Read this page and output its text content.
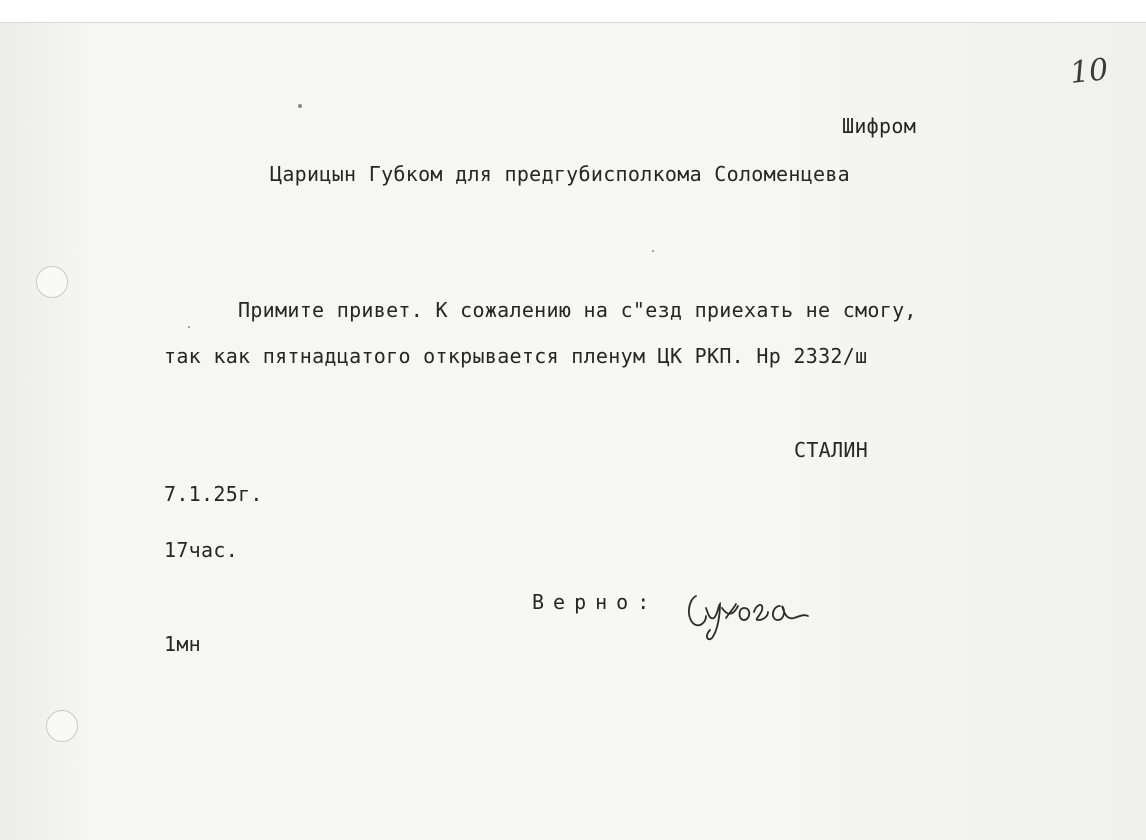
10
Шифром
Царицын Губком для предгубисполкома Соломенцева
Примите привет. К сожалению на с"езд приехать не смогу,
так как пятнадцатого открывается пленум ЦК РКП. Нр 2332/ш
СТАЛИН
7.1.25г.
17час.
Верно:
1мн
